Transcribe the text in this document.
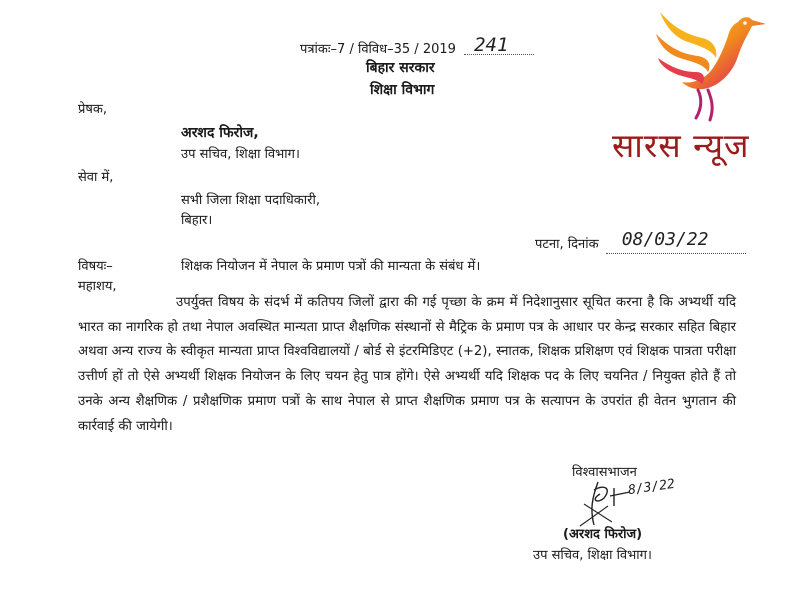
पत्रांकः–7 / विविध–35 / 2019 241
बिहार सरकार
शिक्षा विभाग
प्रेषक,
अरशद फिरोज,
उप सचिव, शिक्षा विभाग।
सेवा में,
सभी जिला शिक्षा पदाधिकारी,
बिहार।
पटना, दिनांक 08/03/22
विषयः–	शिक्षक नियोजन में नेपाल के प्रमाण पत्रों की मान्यता के संबंध में।
महाशय,
उपर्युक्त विषय के संदर्भ में कतिपय जिलों द्वारा की गई पृच्छा के क्रम में निदेशानुसार सूचित करना है कि अभ्यर्थी यदि भारत का नागरिक हो तथा नेपाल अवस्थित मान्यता प्राप्त शैक्षणिक संस्थानों से मैट्रिक के प्रमाण पत्र के आधार पर केन्द्र सरकार सहित बिहार अथवा अन्य राज्य के स्वीकृत मान्यता प्राप्त विश्वविद्यालयों / बोर्ड से इंटरमिडिएट (+2), स्नातक, शिक्षक प्रशिक्षण एवं शिक्षक पात्रता परीक्षा उत्तीर्ण हों तो ऐसे अभ्यर्थी शिक्षक नियोजन के लिए चयन हेतु पात्र होंगे। ऐसे अभ्यर्थी यदि शिक्षक पद के लिए चयनित / नियुक्त होते हैं तो उनके अन्य शैक्षणिक / प्रशैक्षणिक प्रमाण पत्रों के साथ नेपाल से प्राप्त शैक्षणिक प्रमाण पत्र के सत्यापन के उपरांत ही वेतन भुगतान की कार्रवाई की जायेगी।
विश्वासभाजन
8/3/22
(अरशद फिरोज)
उप सचिव, शिक्षा विभाग।
सारस न्यूज
